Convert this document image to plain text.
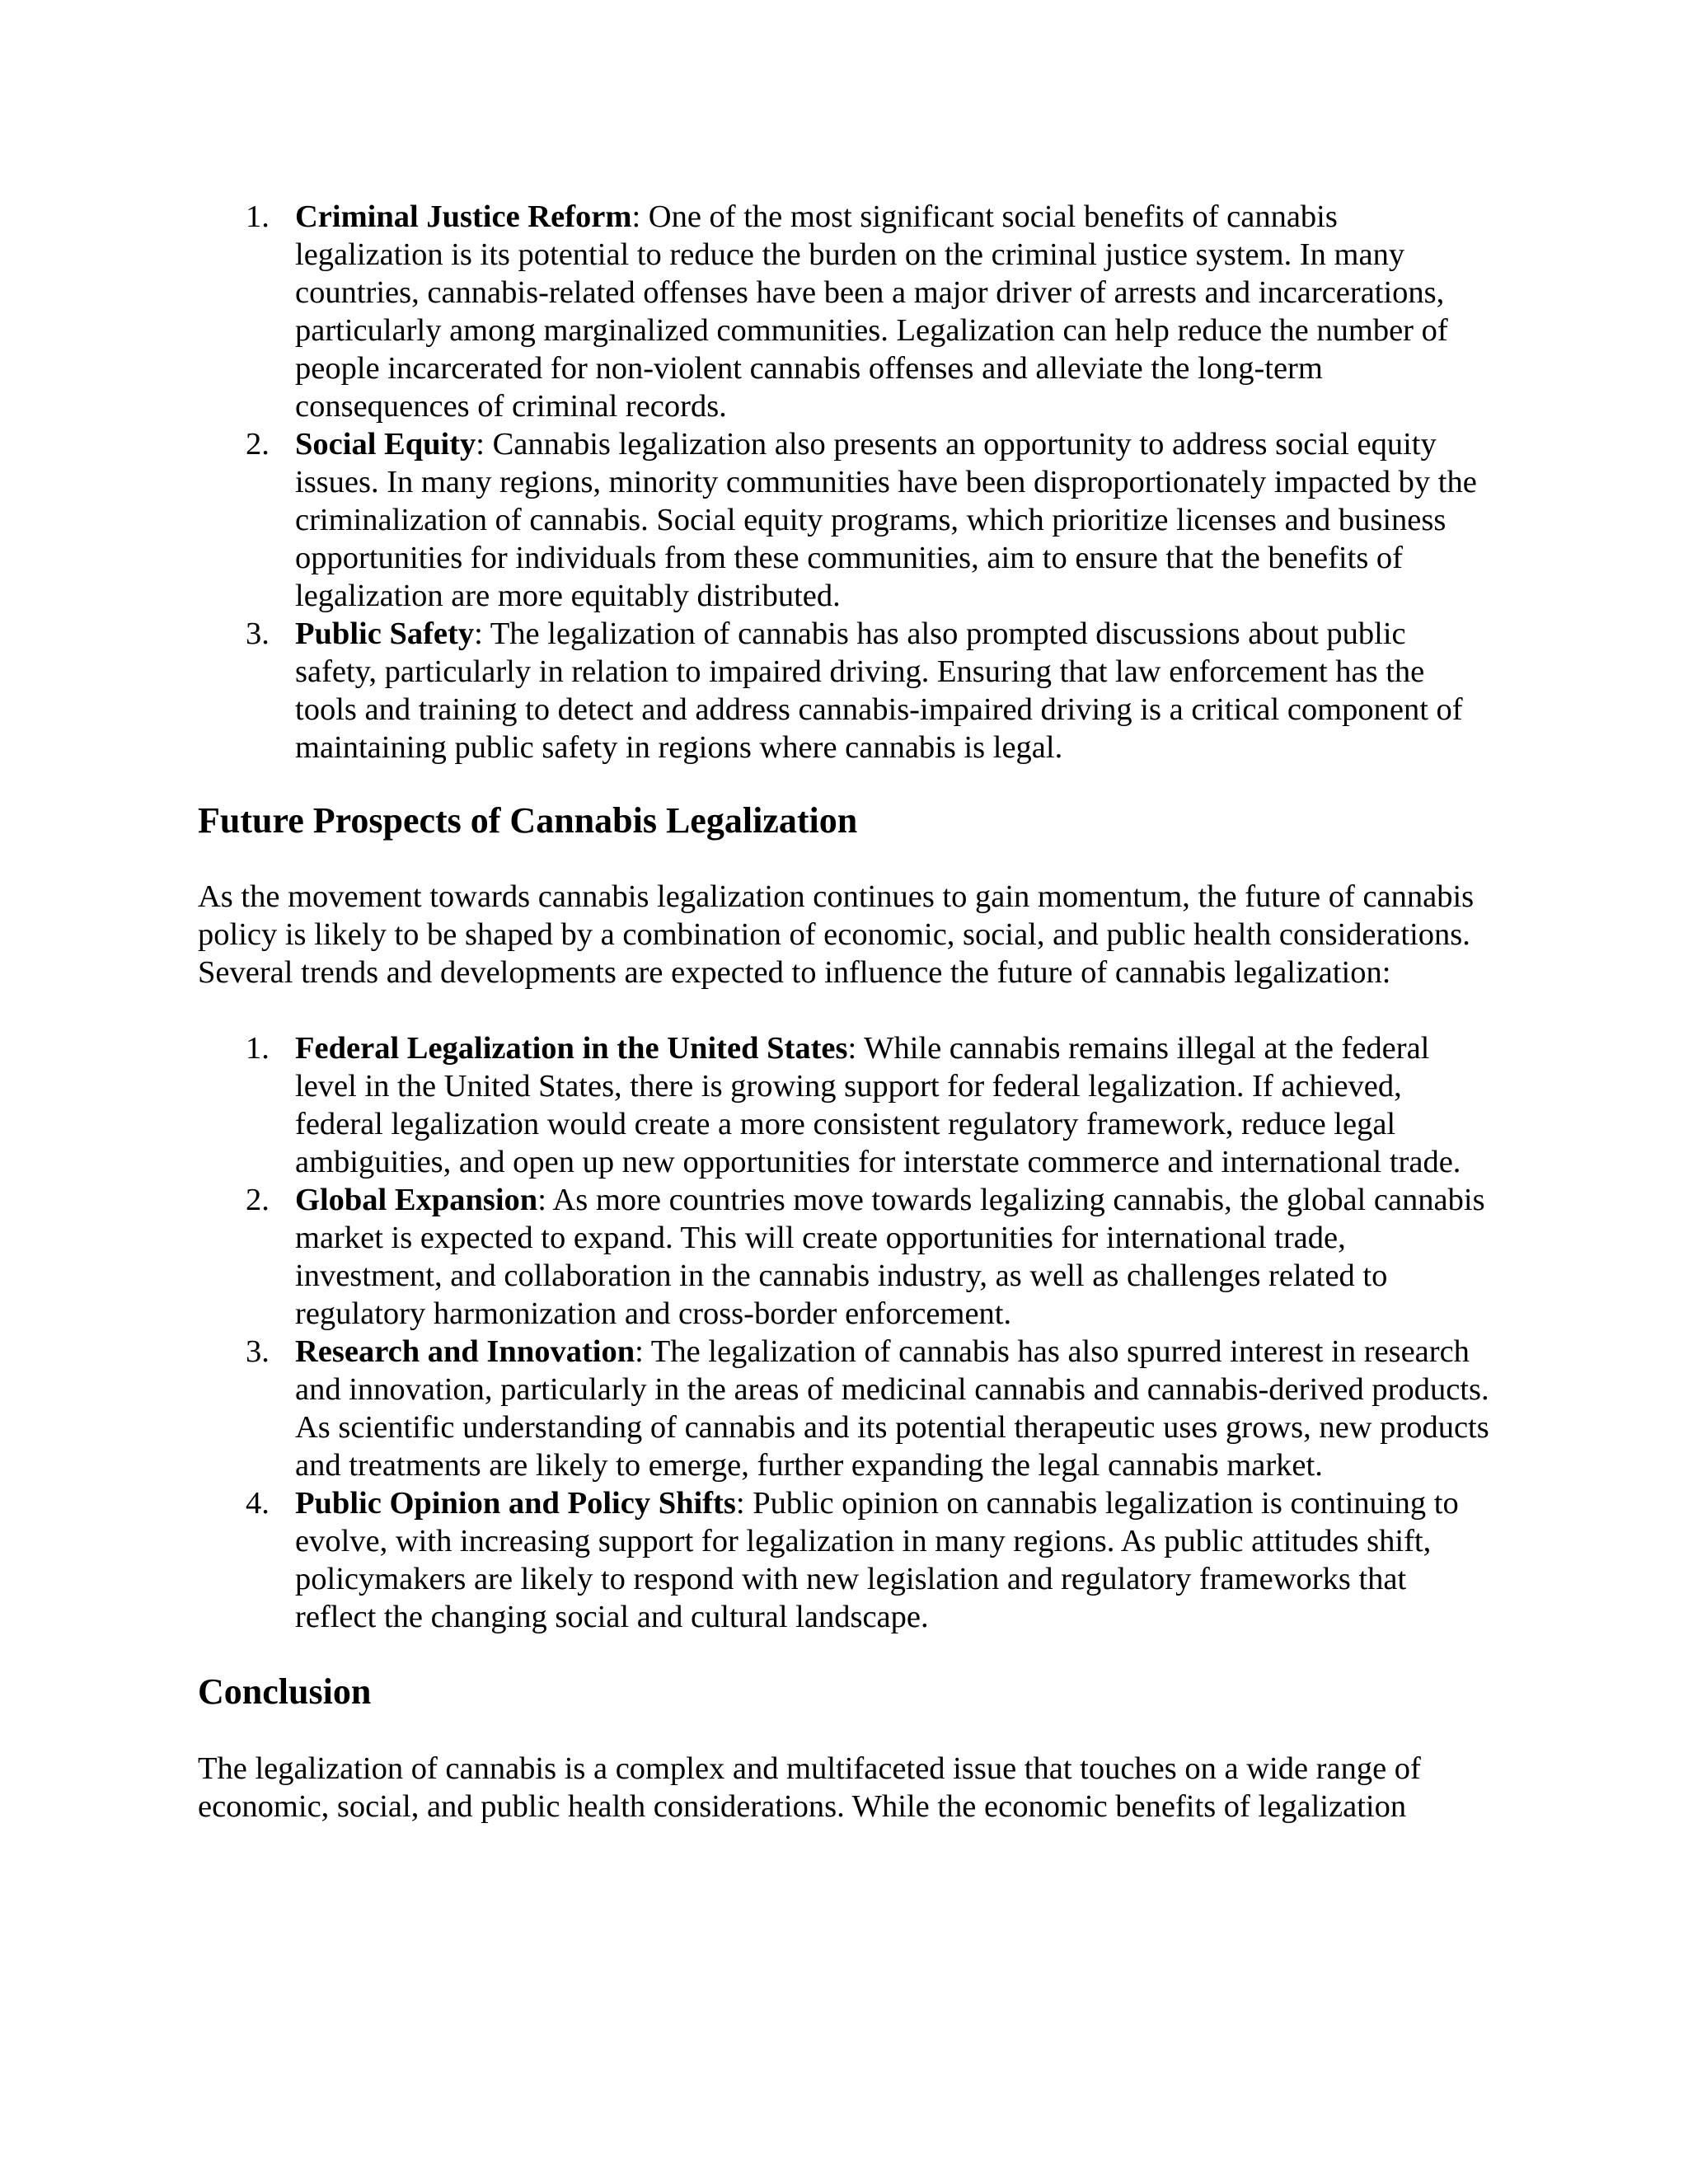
1. Criminal Justice Reform: One of the most significant social benefits of cannabis legalization is its potential to reduce the burden on the criminal justice system. In many countries, cannabis-related offenses have been a major driver of arrests and incarcerations, particularly among marginalized communities. Legalization can help reduce the number of people incarcerated for non-violent cannabis offenses and alleviate the long-term consequences of criminal records.
2. Social Equity: Cannabis legalization also presents an opportunity to address social equity issues. In many regions, minority communities have been disproportionately impacted by the criminalization of cannabis. Social equity programs, which prioritize licenses and business opportunities for individuals from these communities, aim to ensure that the benefits of legalization are more equitably distributed.
3. Public Safety: The legalization of cannabis has also prompted discussions about public safety, particularly in relation to impaired driving. Ensuring that law enforcement has the tools and training to detect and address cannabis-impaired driving is a critical component of maintaining public safety in regions where cannabis is legal.
Future Prospects of Cannabis Legalization

As the movement towards cannabis legalization continues to gain momentum, the future of cannabis policy is likely to be shaped by a combination of economic, social, and public health considerations. Several trends and developments are expected to influence the future of cannabis legalization:

1. Federal Legalization in the United States: While cannabis remains illegal at the federal level in the United States, there is growing support for federal legalization. If achieved, federal legalization would create a more consistent regulatory framework, reduce legal ambiguities, and open up new opportunities for interstate commerce and international trade.
2. Global Expansion: As more countries move towards legalizing cannabis, the global cannabis market is expected to expand. This will create opportunities for international trade, investment, and collaboration in the cannabis industry, as well as challenges related to regulatory harmonization and cross-border enforcement.
3. Research and Innovation: The legalization of cannabis has also spurred interest in research and innovation, particularly in the areas of medicinal cannabis and cannabis-derived products. As scientific understanding of cannabis and its potential therapeutic uses grows, new products and treatments are likely to emerge, further expanding the legal cannabis market.
4. Public Opinion and Policy Shifts: Public opinion on cannabis legalization is continuing to evolve, with increasing support for legalization in many regions. As public attitudes shift, policymakers are likely to respond with new legislation and regulatory frameworks that reflect the changing social and cultural landscape.
Conclusion

The legalization of cannabis is a complex and multifaceted issue that touches on a wide range of economic, social, and public health considerations. While the economic benefits of legalization
